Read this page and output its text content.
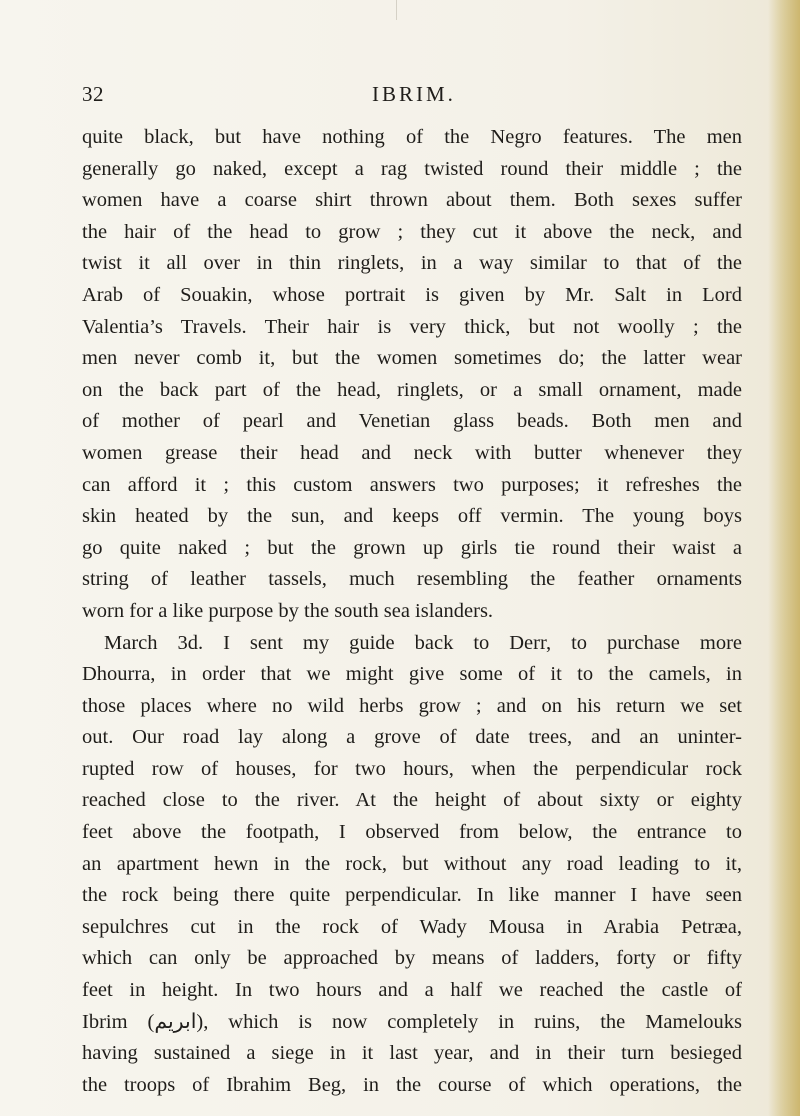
32	IBRIM.
quite black, but have nothing of the Negro features. The men
generally go naked, except a rag twisted round their middle ; the
women have a coarse shirt thrown about them. Both sexes suffer
the hair of the head to grow ; they cut it above the neck, and
twist it all over in thin ringlets, in a way similar to that of the
Arab of Souakin, whose portrait is given by Mr. Salt in Lord
Valentia’s Travels. Their hair is very thick, but not woolly ; the
men never comb it, but the women sometimes do; the latter wear
on the back part of the head, ringlets, or a small ornament, made
of mother of pearl and Venetian glass beads. Both men and
women grease their head and neck with butter whenever they
can afford it ; this custom answers two purposes; it refreshes the
skin heated by the sun, and keeps off vermin. The young boys
go quite naked ; but the grown up girls tie round their waist a
string of leather tassels, much resembling the feather ornaments
worn for a like purpose by the south sea islanders.
March 3d. I sent my guide back to Derr, to purchase more
Dhourra, in order that we might give some of it to the camels, in
those places where no wild herbs grow ; and on his return we set
out. Our road lay along a grove of date trees, and an uninter-
rupted row of houses, for two hours, when the perpendicular rock
reached close to the river. At the height of about sixty or eighty
feet above the footpath, I observed from below, the entrance to
an apartment hewn in the rock, but without any road leading to it,
the rock being there quite perpendicular. In like manner I have seen
sepulchres cut in the rock of Wady Mousa in Arabia Petræa,
which can only be approached by means of ladders, forty or fifty
feet in height. In two hours and a half we reached the castle of
Ibrim (ابريم), which is now completely in ruins, the Mamelouks
having sustained a siege in it last year, and in their turn besieged
the troops of Ibrahim Beg, in the course of which operations, the
